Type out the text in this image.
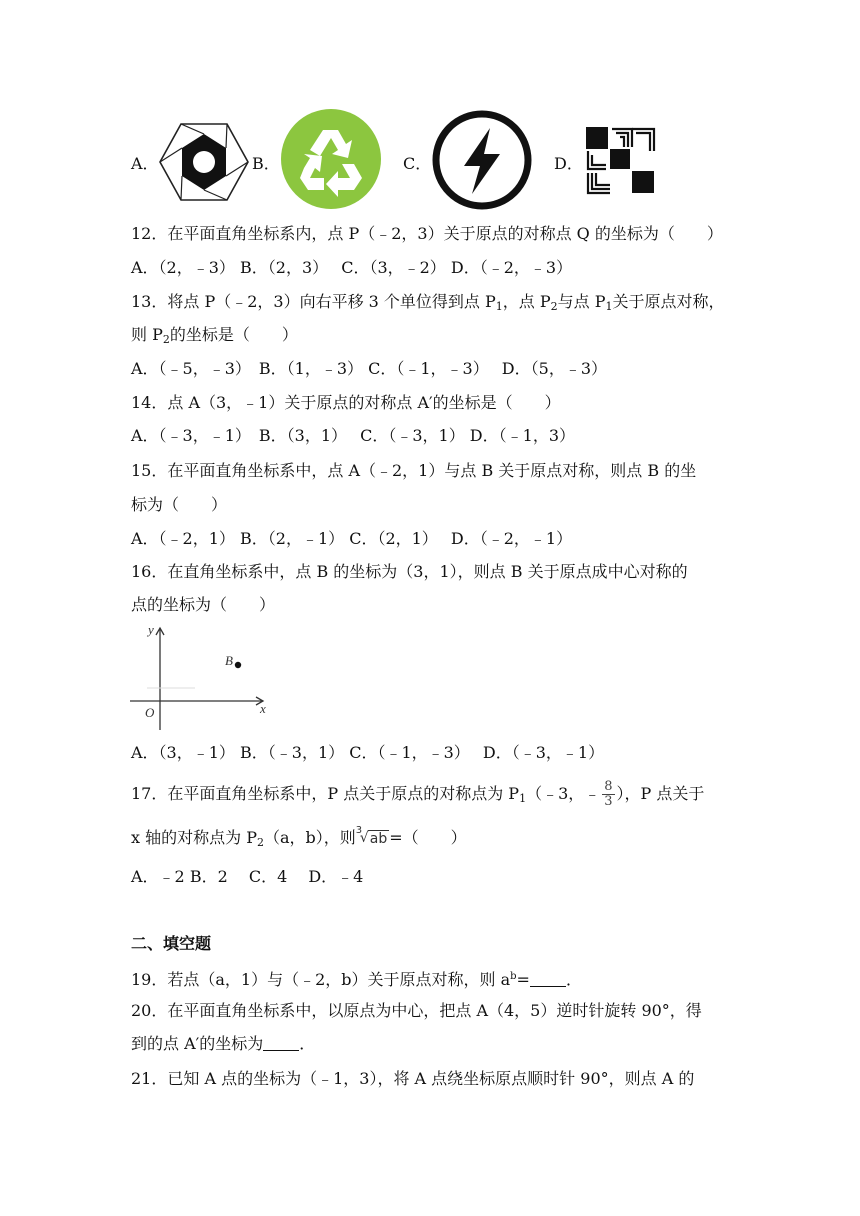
A．	B．	C．	D．
12．在平面直角坐标系内，点 P（﹣2，3）关于原点的对称点 Q 的坐标为（　　）
A．（2，﹣3） B．（2，3）　 C．（3，﹣2） D．（﹣2，﹣3）
13．将点 P（﹣2，3）向右平移 3 个单位得到点 $P_1$，点 $P_2$与点 $P_1$关于原点对称，
则 $P_2$的坐标是（　　）
A．（﹣5，﹣3）　B．（1，﹣3） C．（﹣1，﹣3）　 D．（5，﹣3）
14．点 A（3，﹣1）关于原点的对称点 A′的坐标是（　　）
A．（﹣3，﹣1）　B．（3，1）　 C．（﹣3，1） D．（﹣1，3）
15．在平面直角坐标系中，点 A（﹣2，1）与点 B 关于原点对称，则点 B 的坐
标为（　　）
A．（﹣2，1） B．（2，﹣1） C．（2，1）　 D．（﹣2，﹣1）
16．在直角坐标系中，点 B 的坐标为（3，1），则点 B 关于原点成中心对称的
点的坐标为（　　）
y
x
O
B
A．（3，﹣1） B．（﹣3，1） C．（﹣1，﹣3）　 D．（﹣3，﹣1）
17．在平面直角坐标系中，P 点关于原点的对称点为 $P_1(﹣3$，﹣ $\frac{8}{3}$ ），P 点关于
x 轴的对称点为 $P_2(a$，b），则 3
√ ab =（　　）
A．﹣2 B．2　 C．4　 D．﹣4
二、填空题
19．若点（a，1）与（﹣2，b）关于原点对称，则 $a^b=$ ．
20．在平面直角坐标系中，以原点为中心，把点 A（4，5）逆时针旋转 90°，得
到的点 A′的坐标为 ．
21．已知 A 点的坐标为（﹣1，3），将 A 点绕坐标原点顺时针 90°，则点 A 的
